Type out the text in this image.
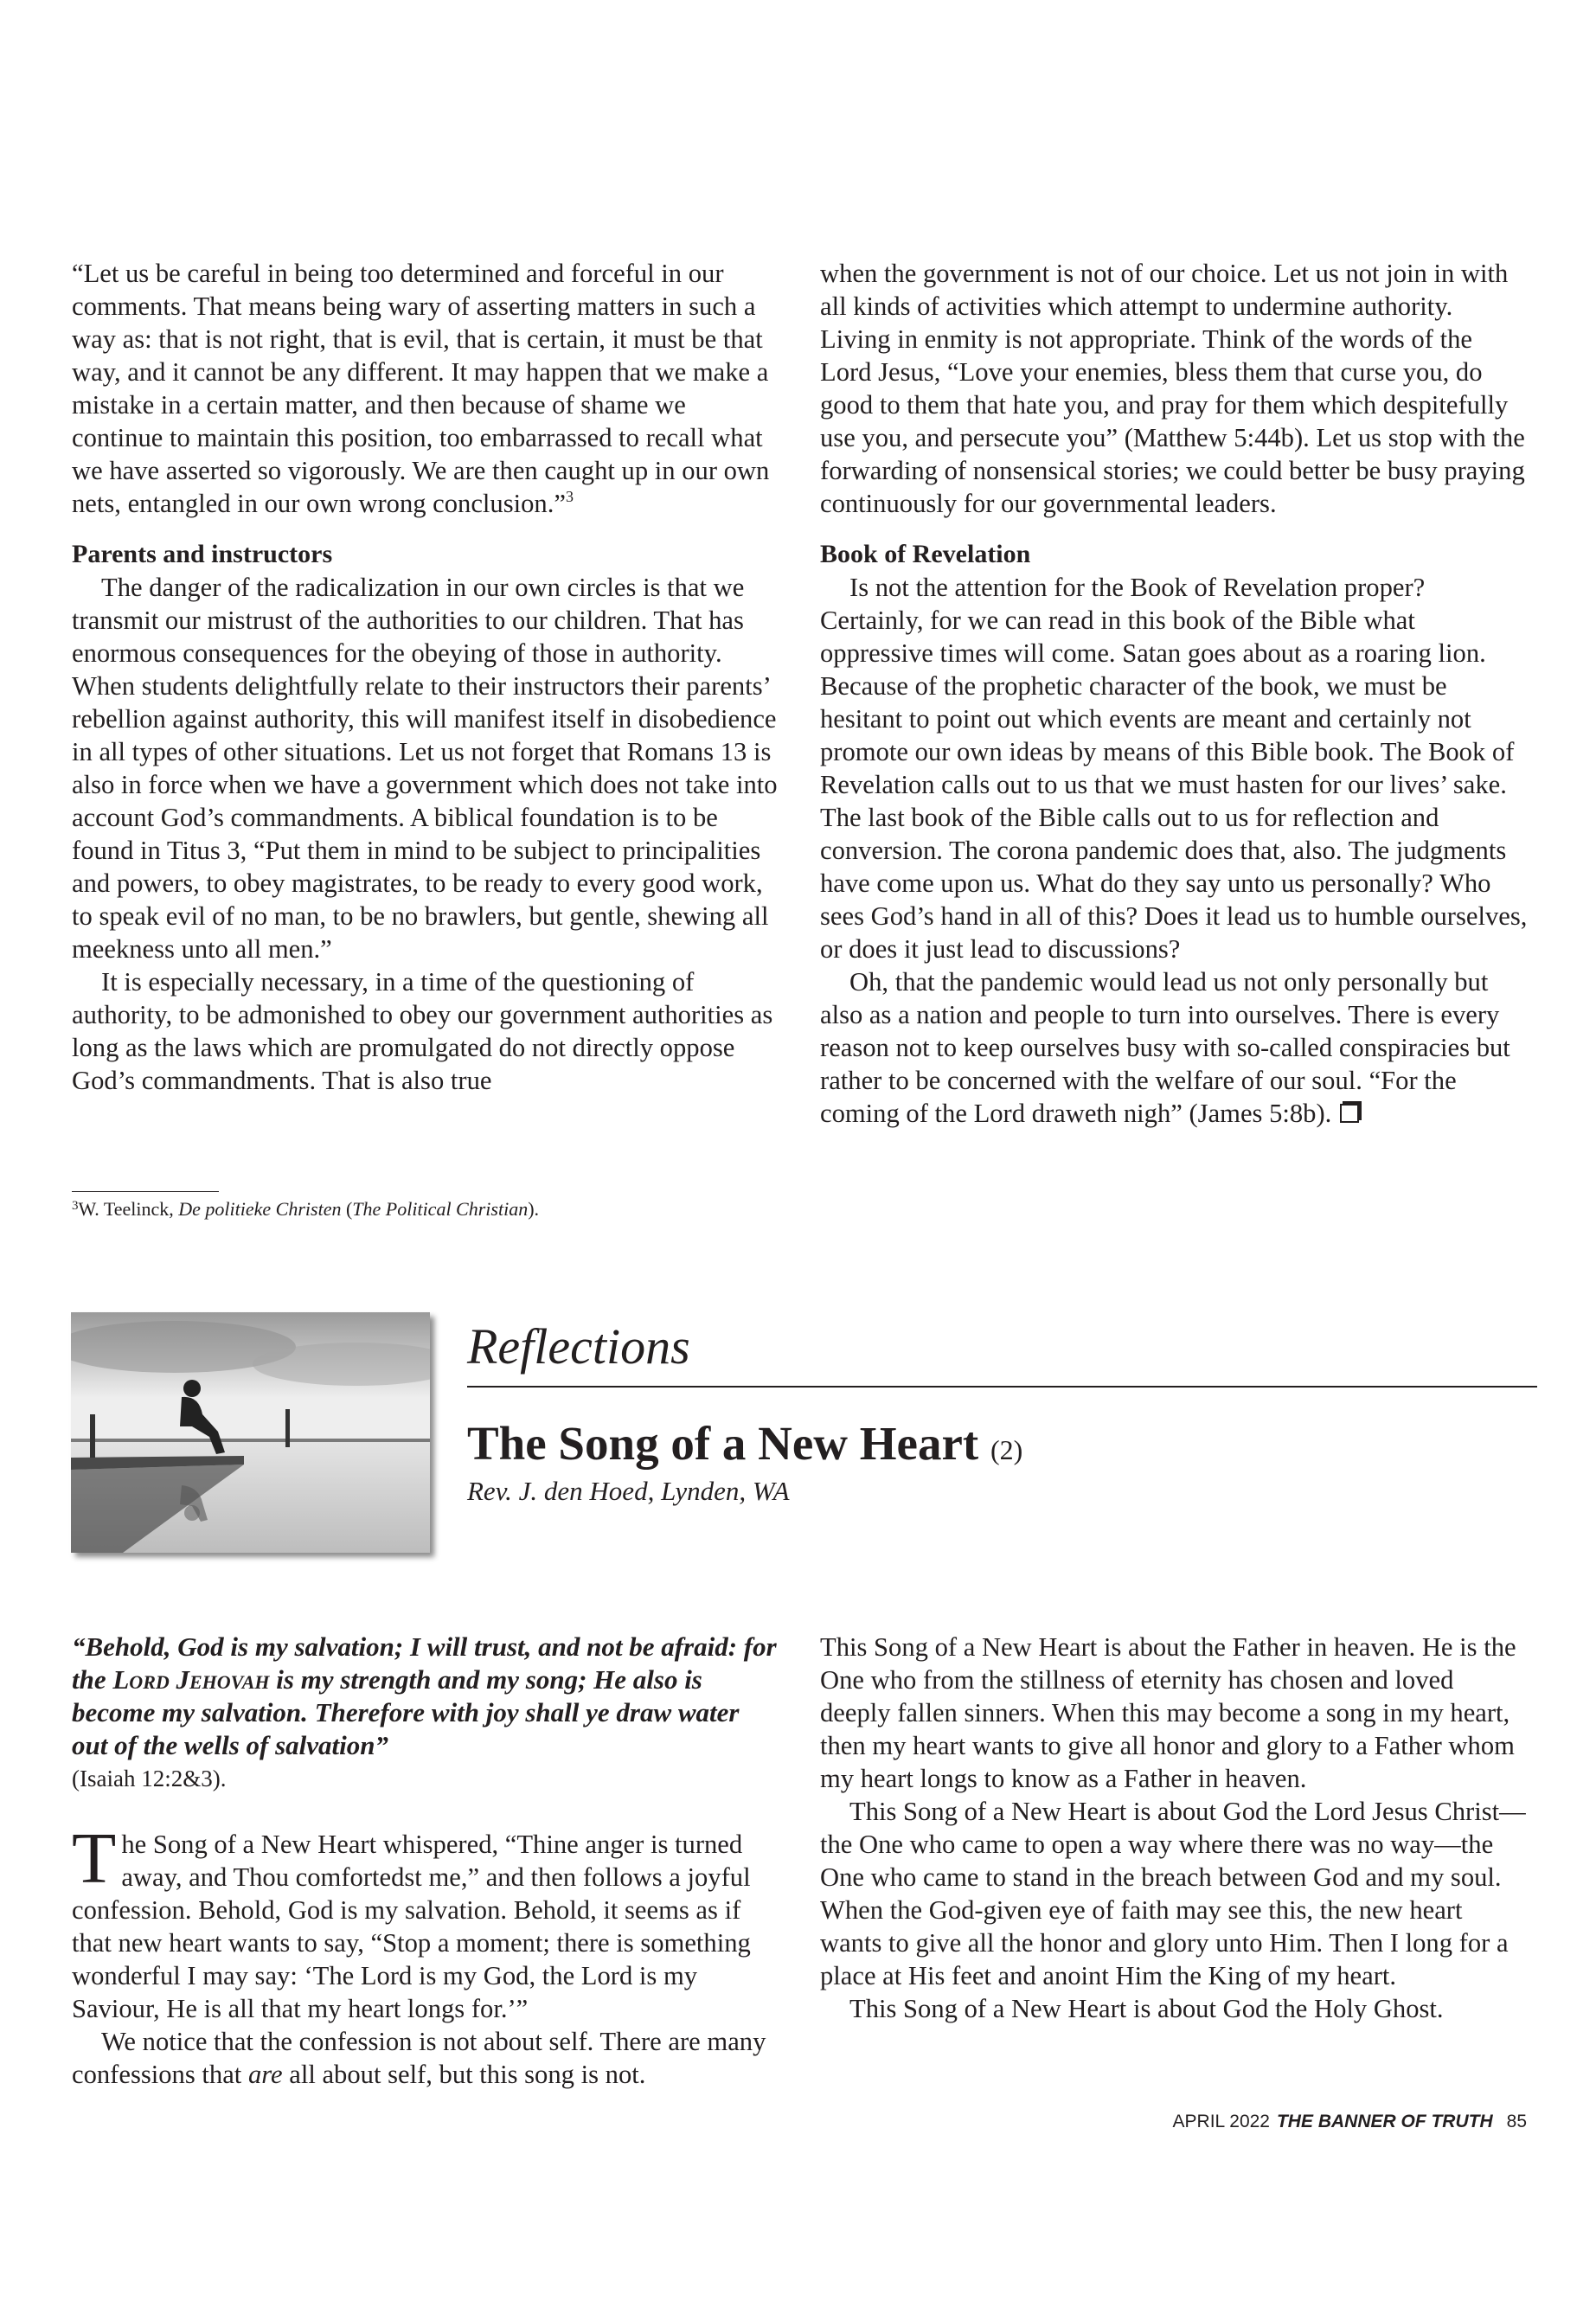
“Let us be careful in being too determined and forceful in our comments. That means being wary of asserting matters in such a way as: that is not right, that is evil, that is certain, it must be that way, and it cannot be any different. It may happen that we make a mistake in a certain matter, and then because of shame we continue to maintain this position, too embarrassed to recall what we have asserted so vigorously. We are then caught up in our own nets, entangled in our own wrong conclusion.”$^3$

Parents and instructors

The danger of the radicalization in our own circles is that we transmit our mistrust of the authorities to our children. That has enormous consequences for the obeying of those in authority. When students delightfully relate to their instructors their parents’ rebellion against authority, this will manifest itself in disobedience in all types of other situations. Let us not forget that Romans 13 is also in force when we have a government which does not take into account God’s commandments. A biblical foundation is to be found in Titus 3, “Put them in mind to be subject to principalities and powers, to obey magistrates, to be ready to every good work, to speak evil of no man, to be no brawlers, but gentle, shewing all meekness unto all men.”

It is especially necessary, in a time of the questioning of authority, to be admonished to obey our government authorities as long as the laws which are promulgated do not directly oppose God’s commandments. That is also true

$^3$W. Teelinck, De politieke Christen (The Political Christian).

when the government is not of our choice. Let us not join in with all kinds of activities which attempt to undermine authority. Living in enmity is not appropriate. Think of the words of the Lord Jesus, “Love your enemies, bless them that curse you, do good to them that hate you, and pray for them which despitefully use you, and persecute you” (Matthew 5:44b). Let us stop with the forwarding of nonsensical stories; we could better be busy praying continuously for our governmental leaders.

Book of Revelation

Is not the attention for the Book of Revelation proper? Certainly, for we can read in this book of the Bible what oppressive times will come. Satan goes about as a roaring lion. Because of the prophetic character of the book, we must be hesitant to point out which events are meant and certainly not promote our own ideas by means of this Bible book. The Book of Revelation calls out to us that we must hasten for our lives’ sake. The last book of the Bible calls out to us for reflection and conversion. The corona pandemic does that, also. The judgments have come upon us. What do they say unto us personally? Who sees God’s hand in all of this? Does it lead us to humble ourselves, or does it just lead to discussions?

Oh, that the pandemic would lead us not only personally but also as a nation and people to turn into ourselves. There is every reason not to keep ourselves busy with so-called conspiracies but rather to be concerned with the welfare of our soul. “For the coming of the Lord draweth nigh” (James 5:8b).

Reflections
The Song of a New Heart (2)
Rev. J. den Hoed, Lynden, WA

“Behold, God is my salvation; I will trust, and not be afraid: for the Lord Jehovah is my strength and my song; He also is become my salvation. Therefore with joy shall ye draw water out of the wells of salvation”

(Isaiah 12:2&3).

The Song of a New Heart whispered, “Thine anger is turned away, and Thou comfortedst me,” and then follows a joyful confession. Behold, God is my salvation. Behold, it seems as if that new heart wants to say, “Stop a moment; there is something wonderful I may say: ‘The Lord is my God, the Lord is my Saviour, He is all that my heart longs for.’”

We notice that the confession is not about self. There are many confessions that are all about self, but this song is not.

This Song of a New Heart is about the Father in heaven. He is the One who from the stillness of eternity has chosen and loved deeply fallen sinners. When this may become a song in my heart, then my heart wants to give all honor and glory to a Father whom my heart longs to know as a Father in heaven.

This Song of a New Heart is about God the Lord Jesus Christ—the One who came to open a way where there was no way—the One who came to stand in the breach between God and my soul. When the God-given eye of faith may see this, the new heart wants to give all the honor and glory unto Him. Then I long for a place at His feet and anoint Him the King of my heart.

This Song of a New Heart is about God the Holy Ghost.

APRIL 2022 THE BANNER OF TRUTH 85
